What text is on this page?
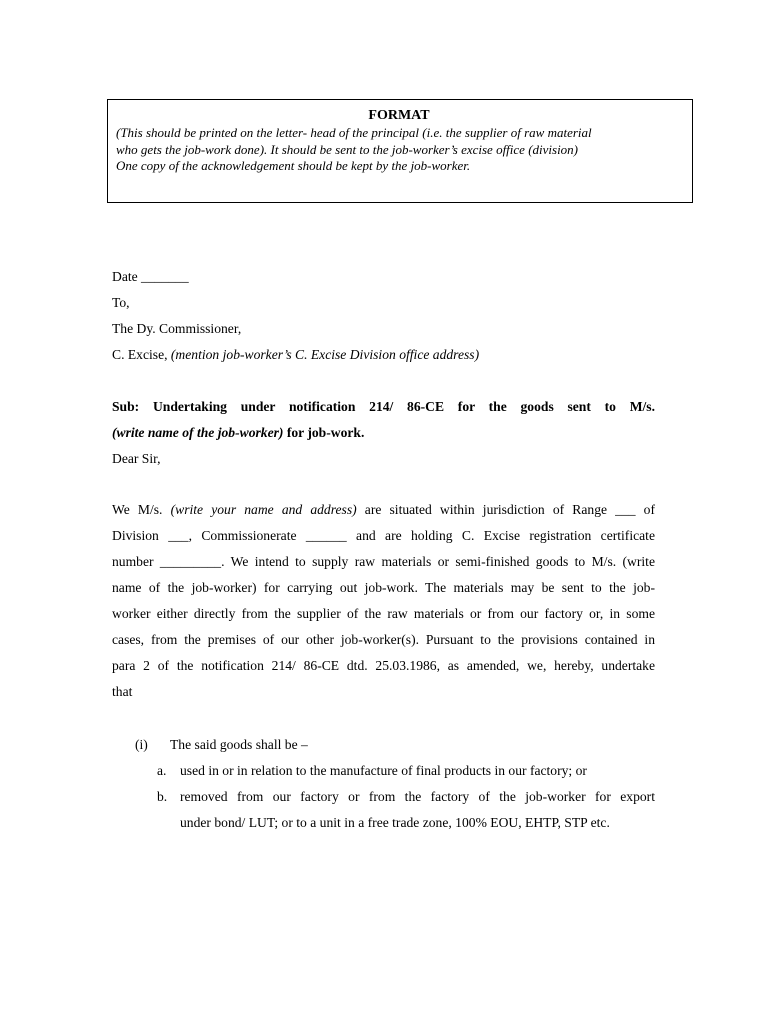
FORMAT
(This should be printed on the letter- head of the principal (i.e. the supplier of raw material
who gets the job-work done). It should be sent to the job-worker’s excise office (division)
One copy of the acknowledgement should be kept by the job-worker.
Date _______
To,
The Dy. Commissioner,
C. Excise, (mention job-worker’s C. Excise Division office address)
Sub: Undertaking under notification 214/ 86-CE for the goods sent to M/s.
(write name of the job-worker) for job-work.
Dear Sir,
We M/s. (write your name and address) are situated within jurisdiction of Range ___ of
Division ___, Commissionerate ______ and are holding C. Excise registration certificate
number _________. We intend to supply raw materials or semi-finished goods to M/s. (write
name of the job-worker) for carrying out job-work. The materials may be sent to the job-
worker either directly from the supplier of the raw materials or from our factory or, in some
cases, from the premises of our other job-worker(s). Pursuant to the provisions contained in
para 2 of the notification 214/ 86-CE dtd. 25.03.1986, as amended, we, hereby, undertake
that
(i) The said goods shall be –
a. used in or in relation to the manufacture of final products in our factory; or
b. removed from our factory or from the factory of the job-worker for export
under bond/ LUT; or to a unit in a free trade zone, 100% EOU, EHTP, STP etc.
